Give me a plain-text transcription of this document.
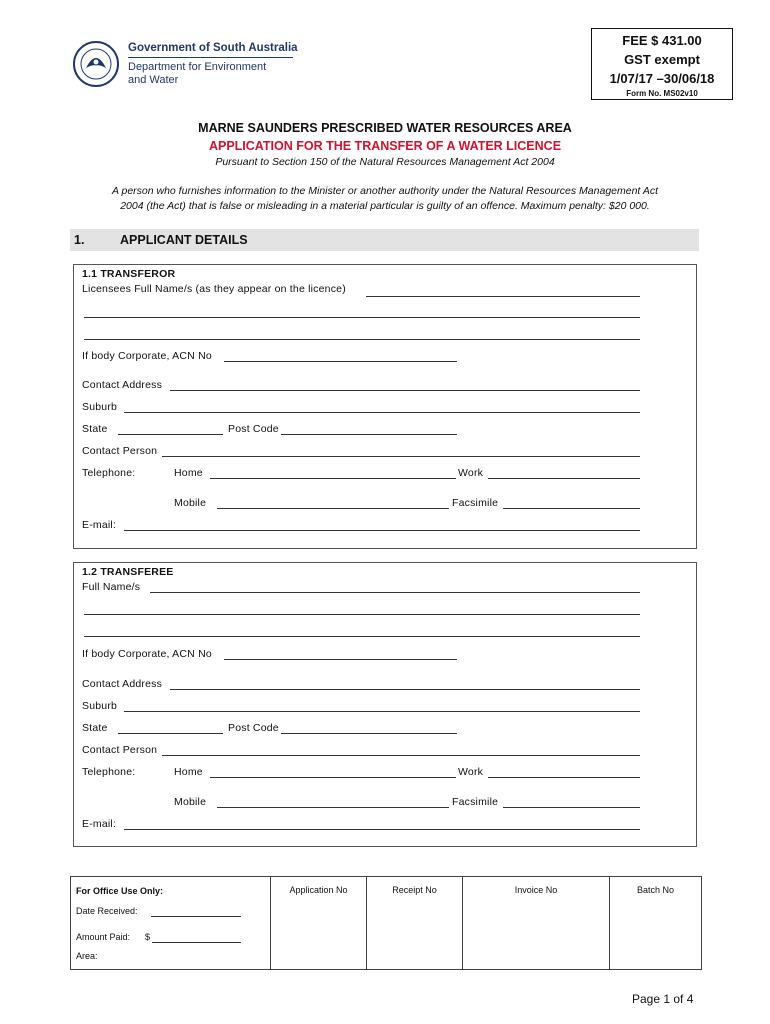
Government of South Australia
Department for Environment
and Water
FEE $ 431.00
GST exempt
1/07/17 –30/06/18
Form No. MS02v10
MARNE SAUNDERS PRESCRIBED WATER RESOURCES AREA
APPLICATION FOR THE TRANSFER OF A WATER LICENCE
Pursuant to Section 150 of the Natural Resources Management Act 2004
A person who furnishes information to the Minister or another authority under the Natural Resources Management Act
2004 (the Act) that is false or misleading in a material particular is guilty of an offence. Maximum penalty: $20 000.
1.	APPLICANT DETAILS
1.1 TRANSFEROR
Licensees Full Name/s (as they appear on the licence)
If body Corporate, ACN No
Contact Address
Suburb
State	Post Code
Contact Person
Telephone:	Home	Work
Mobile	Facsimile
E-mail:
1.2 TRANSFEREE
Full Name/s
If body Corporate, ACN No
Contact Address
Suburb
State	Post Code
Contact Person
Telephone:	Home	Work
Mobile	Facsimile
E-mail:
For Office Use Only:
Date Received:
Amount Paid: $
Area:
	Application No	Receipt No	Invoice No	Batch No
Page 1 of 4
